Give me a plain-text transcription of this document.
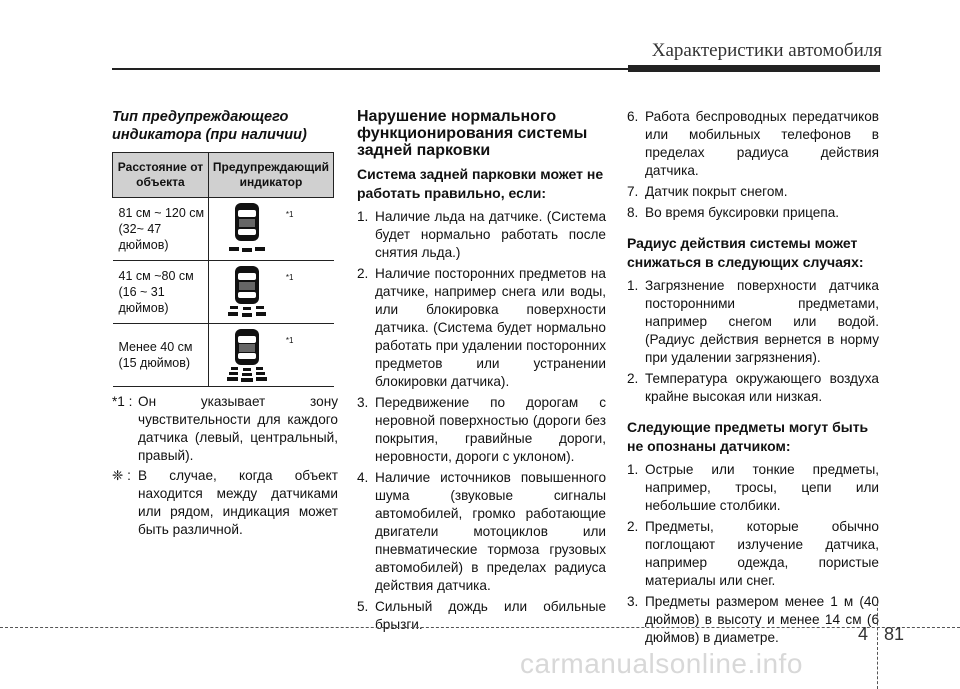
Характеристики автомобиля
Тип предупреждающего индикатора (при наличии)
Расстояние от объекта	Предупреждающий индикатор

81 см ~ 120 см
(32~ 47 дюймов)	*1

41 см ~80 см
(16 ~ 31 дюймов)	*1

Менее 40 см
(15 дюймов)	*1
*1 : Он указывает зону чувствительности для каждого датчика (левый, центральный, правый).
❈ : В случае, когда объект находится между датчиками или рядом, индикация может быть различной.
Нарушение нормального функционирования системы задней парковки
Система задней парковки может не работать правильно, если:
1. Наличие льда на датчике. (Система будет нормально работать после снятия льда.)
2. Наличие посторонних предметов на датчике, например снега или воды, или блокировка поверхности датчика. (Система будет нормально работать при удалении посторонних предметов или устранении блокировки датчика).
3. Передвижение по дорогам с неровной поверхностью (дороги без покрытия, гравийные дороги, неровности, дороги с уклоном).
4. Наличие источников повышенного шума (звуковые сигналы автомобилей, громко работающие двигатели мотоциклов или пневматические тормоза грузовых автомобилей) в пределах радиуса действия датчика.
5. Сильный дождь или обильные брызги.
6. Работа беспроводных передатчиков или мобильных телефонов в пределах радиуса действия датчика.
7. Датчик покрыт снегом.
8. Во время буксировки прицепа.
Радиус действия системы может снижаться в следующих случаях:
1. Загрязнение поверхности датчика посторонними предметами, например снегом или водой. (Радиус действия вернется в норму при удалении загрязнения).
2. Температура окружающего воздуха крайне высокая или низкая.
Следующие предметы могут быть не опознаны датчиком:
1. Острые или тонкие предметы, например, тросы, цепи или небольшие столбики.
2. Предметы, которые обычно поглощают излучение датчика, например одежда, пористые материалы или снег.
3. Предметы размером менее 1 м (40 дюймов) в высоту и менее 14 см (6 дюймов) в диаметре.	4 81
carmanualsonline.info
